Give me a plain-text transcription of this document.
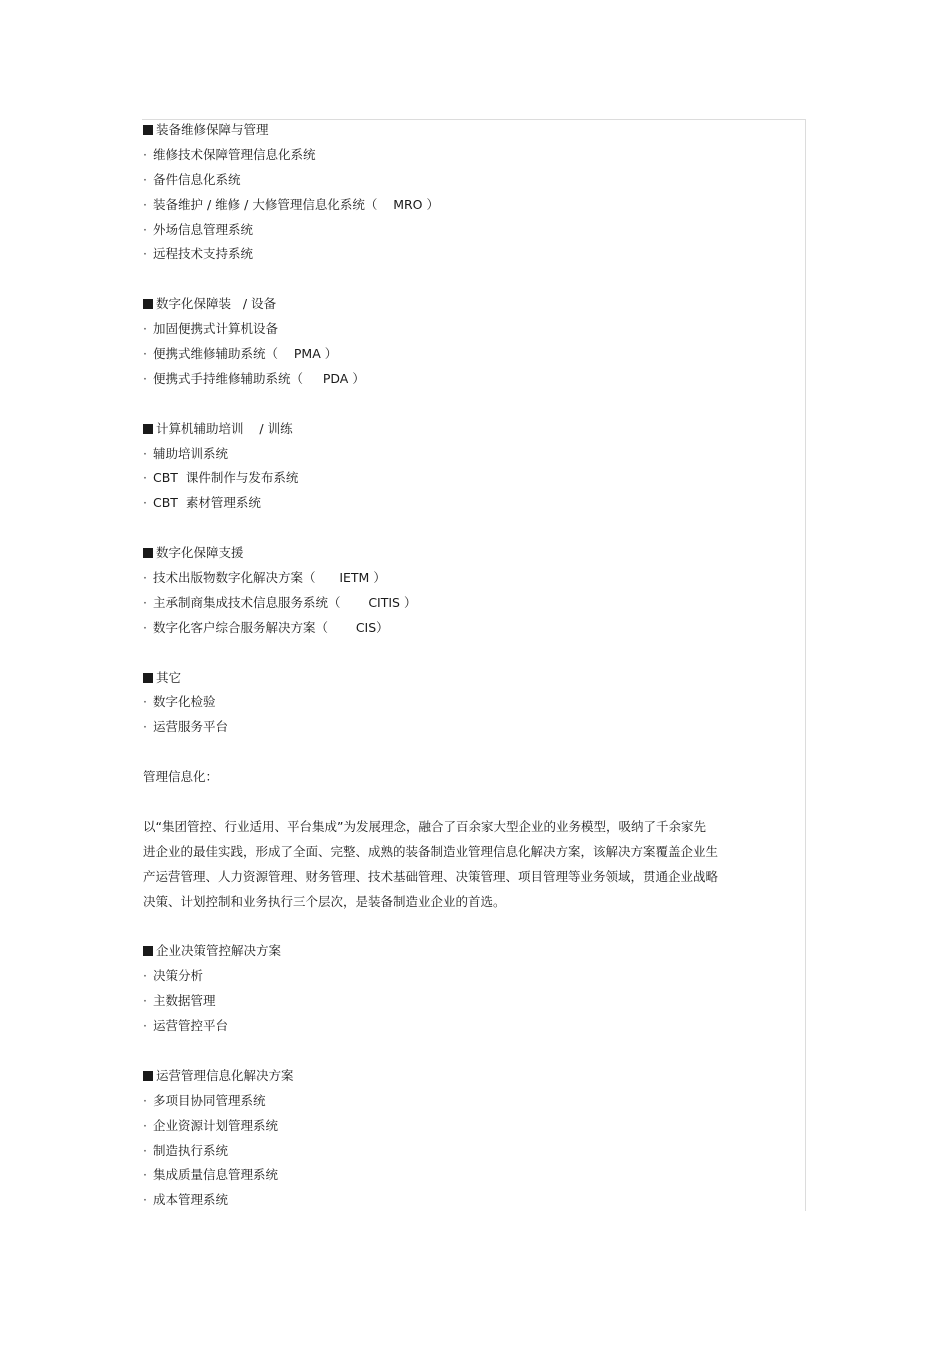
装备维修保障与管理
· 维修技术保障管理信息化系统
· 备件信息化系统
· 装备维护 / 维修 / 大修管理信息化系统（    MRO ）
· 外场信息管理系统
· 远程技术支持系统
数字化保障装   / 设备
· 加固便携式计算机设备
· 便携式维修辅助系统（    PMA ）
· 便携式手持维修辅助系统（     PDA ）
计算机辅助培训    / 训练
· 辅助培训系统
· CBT  课件制作与发布系统
· CBT  素材管理系统
数字化保障支援
· 技术出版物数字化解决方案（      IETM ）
· 主承制商集成技术信息服务系统（       CITIS ）
· 数字化客户综合服务解决方案（       CIS）
其它
· 数字化检验
· 运营服务平台
管理信息化：
以“集团管控、行业适用、平台集成”为发展理念，融合了百余家大型企业的业务模型，吸纳了千余家先
进企业的最佳实践，形成了全面、完整、成熟的装备制造业管理信息化解决方案，该解决方案覆盖企业生
产运营管理、人力资源管理、财务管理、技术基础管理、决策管理、项目管理等业务领域，贯通企业战略
决策、计划控制和业务执行三个层次，是装备制造业企业的首选。
企业决策管控解决方案
· 决策分析
· 主数据管理
· 运营管控平台
运营管理信息化解决方案
· 多项目协同管理系统
· 企业资源计划管理系统
· 制造执行系统
· 集成质量信息管理系统
· 成本管理系统
